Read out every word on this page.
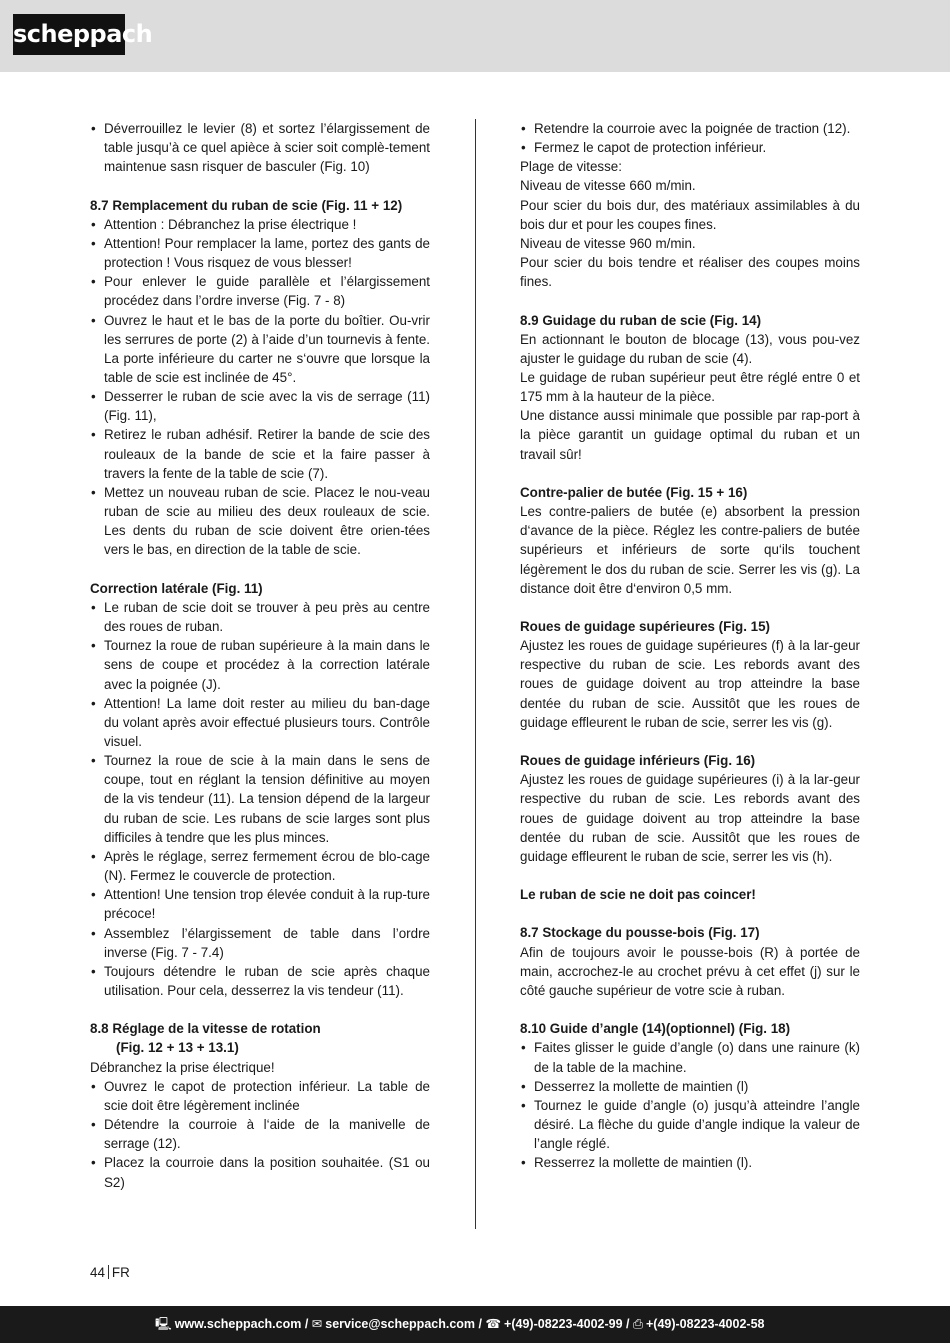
scheppach
• Déverrouillez le levier (8) et sortez l’élargissement de table jusqu’à ce quel apièce à scier soit complè-tement maintenue sasn risquer de basculer (Fig. 10)

8.7 Remplacement du ruban de scie (Fig. 11 + 12)

• Attention : Débranchez la prise électrique !
• Attention! Pour remplacer la lame, portez des gants de protection ! Vous risquez de vous blesser!
• Pour enlever le guide parallèle et l’élargissement procédez dans l’ordre inverse (Fig. 7 - 8)
• Ouvrez le haut et le bas de la porte du boîtier. Ou-vrir les serrures de porte (2) à l’aide d’un tournevis à fente. La porte inférieure du carter ne s‘ouvre que lorsque la table de scie est inclinée de 45°.
• Desserrer le ruban de scie avec la vis de serrage (11) (Fig. 11),
• Retirez le ruban adhésif. Retirer la bande de scie des rouleaux de la bande de scie et la faire passer à travers la fente de la table de scie (7).
• Mettez un nouveau ruban de scie. Placez le nou-veau ruban de scie au milieu des deux rouleaux de scie. Les dents du ruban de scie doivent être orien-tées vers le bas, en direction de la table de scie.

Correction latérale (Fig. 11)

• Le ruban de scie doit se trouver à peu près au centre des roues de ruban.
• Tournez la roue de ruban supérieure à la main dans le sens de coupe et procédez à la correction latérale avec la poignée (J).
• Attention! La lame doit rester au milieu du ban-dage du volant après avoir effectué plusieurs tours. Contrôle visuel.
• Tournez la roue de scie à la main dans le sens de coupe, tout en réglant la tension définitive au moyen de la vis tendeur (11). La tension dépend de la largeur du ruban de scie. Les rubans de scie larges sont plus difficiles à tendre que les plus minces.
• Après le réglage, serrez fermement écrou de blo-cage (N). Fermez le couvercle de protection.
• Attention! Une tension trop élevée conduit à la rup-ture précoce!
• Assemblez l’élargissement de table dans l’ordre inverse (Fig. 7 - 7.4)
• Toujours détendre le ruban de scie après chaque utilisation. Pour cela, desserrez la vis tendeur (11).

8.8 Réglage de la vitesse de rotation

(Fig. 12 + 13 + 13.1)

Débranchez la prise électrique!

• Ouvrez le capot de protection inférieur. La table de scie doit être légèrement inclinée
• Détendre la courroie à l‘aide de la manivelle de serrage (12).
• Placez la courroie dans la position souhaitée. (S1 ou S2)
• Retendre la courroie avec la poignée de traction (12).
• Fermez le capot de protection inférieur.

Plage de vitesse:

Niveau de vitesse 660 m/min.

Pour scier du bois dur, des matériaux assimilables à du bois dur et pour les coupes fines.

Niveau de vitesse 960 m/min.

Pour scier du bois tendre et réaliser des coupes moins fines.

8.9 Guidage du ruban de scie (Fig. 14)

En actionnant le bouton de blocage (13), vous pou-vez ajuster le guidage du ruban de scie (4).

Le guidage de ruban supérieur peut être réglé entre 0 et 175 mm à la hauteur de la pièce.

Une distance aussi minimale que possible par rap-port à la pièce garantit un guidage optimal du ruban et un travail sûr!

Contre-palier de butée (Fig. 15 + 16)

Les contre-paliers de butée (e) absorbent la pression d‘avance de la pièce. Réglez les contre-paliers de butée supérieurs et inférieurs de sorte qu‘ils touchent légèrement le dos du ruban de scie. Serrer les vis (g). La distance doit être d‘environ 0,5 mm.

Roues de guidage supérieures (Fig. 15)

Ajustez les roues de guidage supérieures (f) à la lar-geur respective du ruban de scie. Les rebords avant des roues de guidage doivent au trop atteindre la base dentée du ruban de scie. Aussitôt que les roues de guidage effleurent le ruban de scie, serrer les vis (g).

Roues de guidage inférieurs (Fig. 16)

Ajustez les roues de guidage supérieures (i) à la lar-geur respective du ruban de scie. Les rebords avant des roues de guidage doivent au trop atteindre la base dentée du ruban de scie. Aussitôt que les roues de guidage effleurent le ruban de scie, serrer les vis (h).

Le ruban de scie ne doit pas coincer!

8.7 Stockage du pousse-bois (Fig. 17)

Afin de toujours avoir le pousse-bois (R) à portée de main, accrochez-le au crochet prévu à cet effet (j) sur le côté gauche supérieur de votre scie à ruban.

8.10 Guide d’angle (14)(optionnel) (Fig. 18)

• Faites glisser le guide d’angle (o) dans une rainure (k) de la table de la machine.
• Desserrez la mollette de maintien (l)
• Tournez le guide d’angle (o) jusqu’à atteindre l’angle désiré. La flèche du guide d’angle indique la valeur de l’angle réglé.
• Resserrez la mollette de maintien (l).
44 FR
🖳 www.scheppach.com / ✉ service@scheppach.com / ☎ +(49)-08223-4002-99 / ⎙ +(49)-08223-4002-58
